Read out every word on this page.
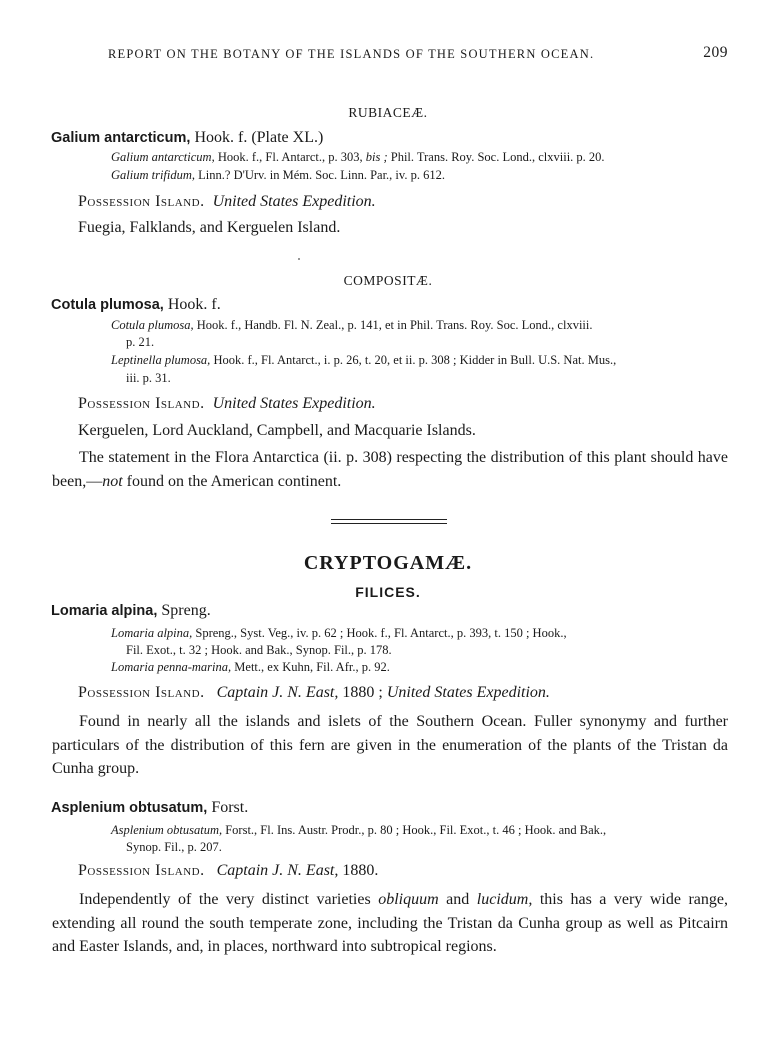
REPORT ON THE BOTANY OF THE ISLANDS OF THE SOUTHERN OCEAN.	209
RUBIACEÆ.
Galium antarcticum, Hook. f. (Plate XL.)
Galium antarcticum, Hook. f., Fl. Antarct., p. 303, bis ; Phil. Trans. Roy. Soc. Lond., clxviii. p. 20.
Galium trifidum, Linn.? D'Urv. in Mém. Soc. Linn. Par., iv. p. 612.
Possession Island. United States Expedition.
Fuegia, Falklands, and Kerguelen Island.
COMPOSITÆ.
Cotula plumosa, Hook. f.
Cotula plumosa, Hook. f., Handb. Fl. N. Zeal., p. 141, et in Phil. Trans. Roy. Soc. Lond., clxviii.
p. 21.
Leptinella plumosa, Hook. f., Fl. Antarct., i. p. 26, t. 20, et ii. p. 308 ; Kidder in Bull. U.S. Nat. Mus.,
iii. p. 31.
Possession Island. United States Expedition.
Kerguelen, Lord Auckland, Campbell, and Macquarie Islands.
The statement in the Flora Antarctica (ii. p. 308) respecting the distribution of this plant should have been,—not found on the American continent.
CRYPTOGAMÆ.
FILICES.
Lomaria alpina, Spreng.
Lomaria alpina, Spreng., Syst. Veg., iv. p. 62 ; Hook. f., Fl. Antarct., p. 393, t. 150 ; Hook.,
Fil. Exot., t. 32 ; Hook. and Bak., Synop. Fil., p. 178.
Lomaria penna-marina, Mett., ex Kuhn, Fil. Afr., p. 92.
Possession Island. Captain J. N. East, 1880 ; United States Expedition.
Found in nearly all the islands and islets of the Southern Ocean. Fuller synonymy and further particulars of the distribution of this fern are given in the enumeration of the plants of the Tristan da Cunha group.
Asplenium obtusatum, Forst.
Asplenium obtusatum, Forst., Fl. Ins. Austr. Prodr., p. 80 ; Hook., Fil. Exot., t. 46 ; Hook. and Bak.,
Synop. Fil., p. 207.
Possession Island. Captain J. N. East, 1880.
Independently of the very distinct varieties obliquum and lucidum, this has a very wide range, extending all round the south temperate zone, including the Tristan da Cunha group as well as Pitcairn and Easter Islands, and, in places, northward into subtropical regions.
